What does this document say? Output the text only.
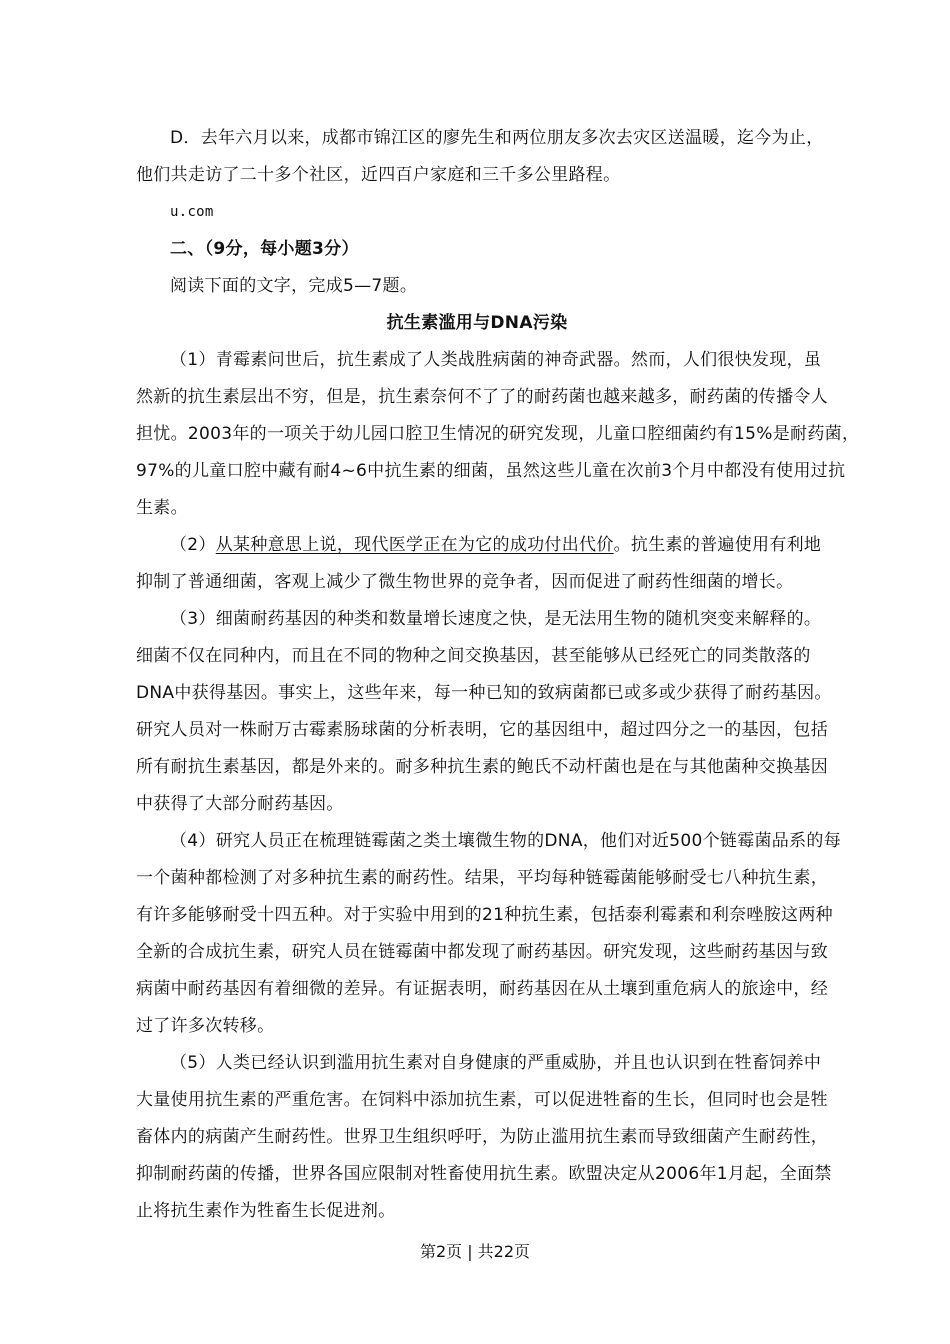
D．去年六月以来，成都市锦江区的廖先生和两位朋友多次去灾区送温暖，迄今为止，
他们共走访了二十多个社区，近四百户家庭和三千多公里路程。
u.com
二、（9分，每小题3分）
阅读下面的文字，完成5—7题。
抗生素滥用与DNA污染
（1）青霉素问世后，抗生素成了人类战胜病菌的神奇武器。然而，人们很快发现，虽
然新的抗生素层出不穷，但是，抗生素奈何不了了的耐药菌也越来越多，耐药菌的传播令人
担忧。2003年的一项关于幼儿园口腔卫生情况的研究发现，儿童口腔细菌约有15%是耐药菌，
97%的儿童口腔中藏有耐4~6中抗生素的细菌，虽然这些儿童在次前3个月中都没有使用过抗
生素。
（2）从某种意思上说，现代医学正在为它的成功付出代价。抗生素的普遍使用有利地
抑制了普通细菌，客观上减少了微生物世界的竞争者，因而促进了耐药性细菌的增长。
（3）细菌耐药基因的种类和数量增长速度之快，是无法用生物的随机突变来解释的。
细菌不仅在同种内，而且在不同的物种之间交换基因，甚至能够从已经死亡的同类散落的
DNA中获得基因。事实上，这些年来，每一种已知的致病菌都已或多或少获得了耐药基因。
研究人员对一株耐万古霉素肠球菌的分析表明，它的基因组中，超过四分之一的基因，包括
所有耐抗生素基因，都是外来的。耐多种抗生素的鲍氏不动杆菌也是在与其他菌种交换基因
中获得了大部分耐药基因。
（4）研究人员正在梳理链霉菌之类土壤微生物的DNA，他们对近500个链霉菌品系的每
一个菌种都检测了对多种抗生素的耐药性。结果，平均每种链霉菌能够耐受七八种抗生素，
有许多能够耐受十四五种。对于实验中用到的21种抗生素，包括泰利霉素和利奈唑胺这两种
全新的合成抗生素，研究人员在链霉菌中都发现了耐药基因。研究发现，这些耐药基因与致
病菌中耐药基因有着细微的差异。有证据表明，耐药基因在从土壤到重危病人的旅途中，经
过了许多次转移。
（5）人类已经认识到滥用抗生素对自身健康的严重威胁，并且也认识到在牲畜饲养中
大量使用抗生素的严重危害。在饲料中添加抗生素，可以促进牲畜的生长，但同时也会是牲
畜体内的病菌产生耐药性。世界卫生组织呼吁，为防止滥用抗生素而导致细菌产生耐药性，
抑制耐药菌的传播，世界各国应限制对牲畜使用抗生素。欧盟决定从2006年1月起，全面禁
止将抗生素作为牲畜生长促进剂。
第2页 | 共22页
